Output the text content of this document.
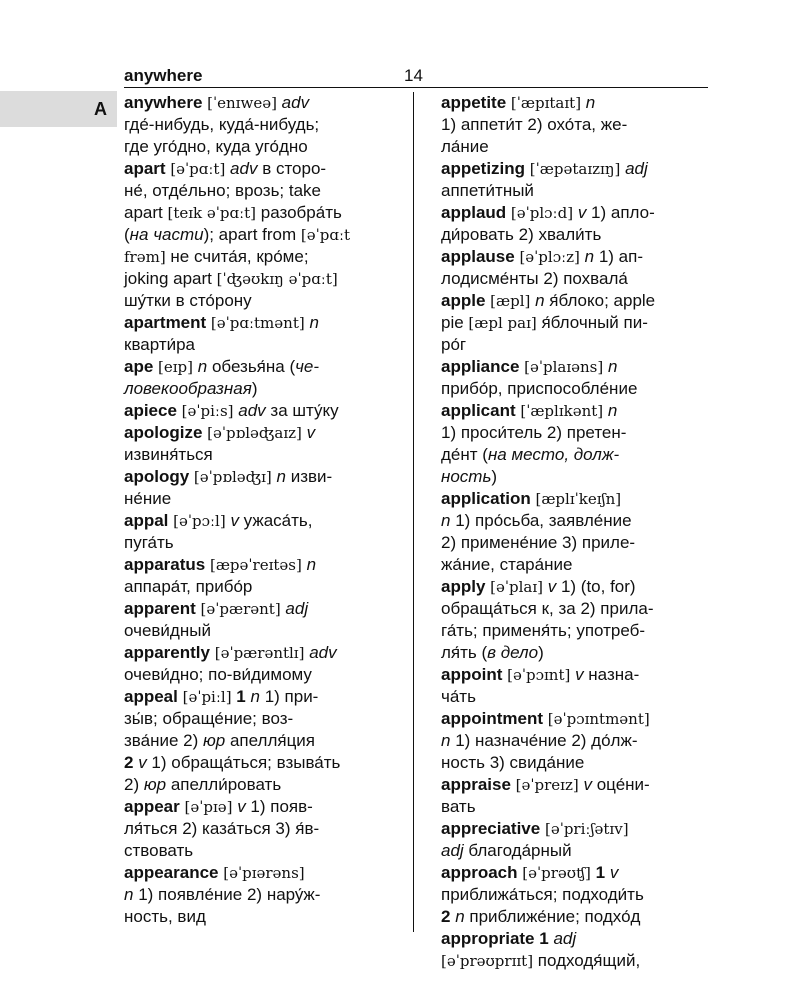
anywhere	14
A anywhere [ˈenɪweə] adv
где́-нибудь, куда́-нибудь;
где уго́дно, куда уго́дно
apart [əˈpɑːt] adv в сторо-
не́, отде́льно; врозь; take
apart [teɪk əˈpɑːt] разобра́ть
(на части); apart from [əˈpɑːt
frəm] не счита́я, кро́ме;
joking apart [ˈʤəʊkɪŋ əˈpɑːt]
шу́тки в сто́рону
apartment [əˈpɑːtmənt] n
кварти́ра
ape [eɪp] n обезья́на (че-
ловекообразная)
apiece [əˈpiːs] adv за шту́ку
apologize [əˈpɒləʤaɪz] v
извиня́ться
apology [əˈpɒləʤɪ] n изви-
не́ние
appal [əˈpɔːl] v ужаса́ть,
пуга́ть
apparatus [æpəˈreɪtəs] n
аппара́т, прибо́р
apparent [əˈpærənt] adj
очеви́дный
apparently [əˈpærəntlɪ] adv
очеви́дно; по-ви́димому
appeal [əˈpiːl] 1 n 1) при-
зы́в; обраще́ние; воз-
зва́ние 2) юр апелля́ция
2 v 1) обраща́ться; взыва́ть
2) юр апелли́ровать
appear [əˈpɪə] v 1) появ-
ля́ться 2) каза́ться 3) я́в-
ствовать
appearance [əˈpɪərəns]
n 1) появле́ние 2) нару́ж-
ность, вид
appetite [ˈæpɪtaɪt] n
1) аппети́т 2) охо́та, же-
ла́ние
appetizing [ˈæpətaɪzɪŋ] adj
аппети́тный
applaud [əˈplɔːd] v 1) апло-
ди́ровать 2) хвали́ть
applause [əˈplɔːz] n 1) ап-
лодисме́нты 2) похвала́
apple [æpl] n я́блоко; apple
pie [æpl paɪ] я́блочный пи-
ро́г
appliance [əˈplaɪəns] n
прибо́р, приспособле́ние
applicant [ˈæplɪkənt] n
1) проси́тель 2) претен-
де́нт (на место, долж-
ность)
application [æplɪˈkeɪʃn]
n 1) про́сьба, заявле́ние
2) примене́ние 3) приле-
жа́ние, стара́ние
apply [əˈplaɪ] v 1) (to, for)
обраща́ться к, за 2) прила-
га́ть; применя́ть; употреб-
ля́ть (в дело)
appoint [əˈpɔɪnt] v назна-
ча́ть
appointment [əˈpɔɪntmənt]
n 1) назначе́ние 2) до́лж-
ность 3) свида́ние
appraise [əˈpreɪz] v оце́ни-
вать
appreciative [əˈpriːʃətɪv]
adj благода́рный
approach [əˈprəʊʧ] 1 v
приближа́ться; подходи́ть
2 n приближе́ние; подхо́д
appropriate 1 adj
[əˈprəʊprɪɪt] подходя́щий,
